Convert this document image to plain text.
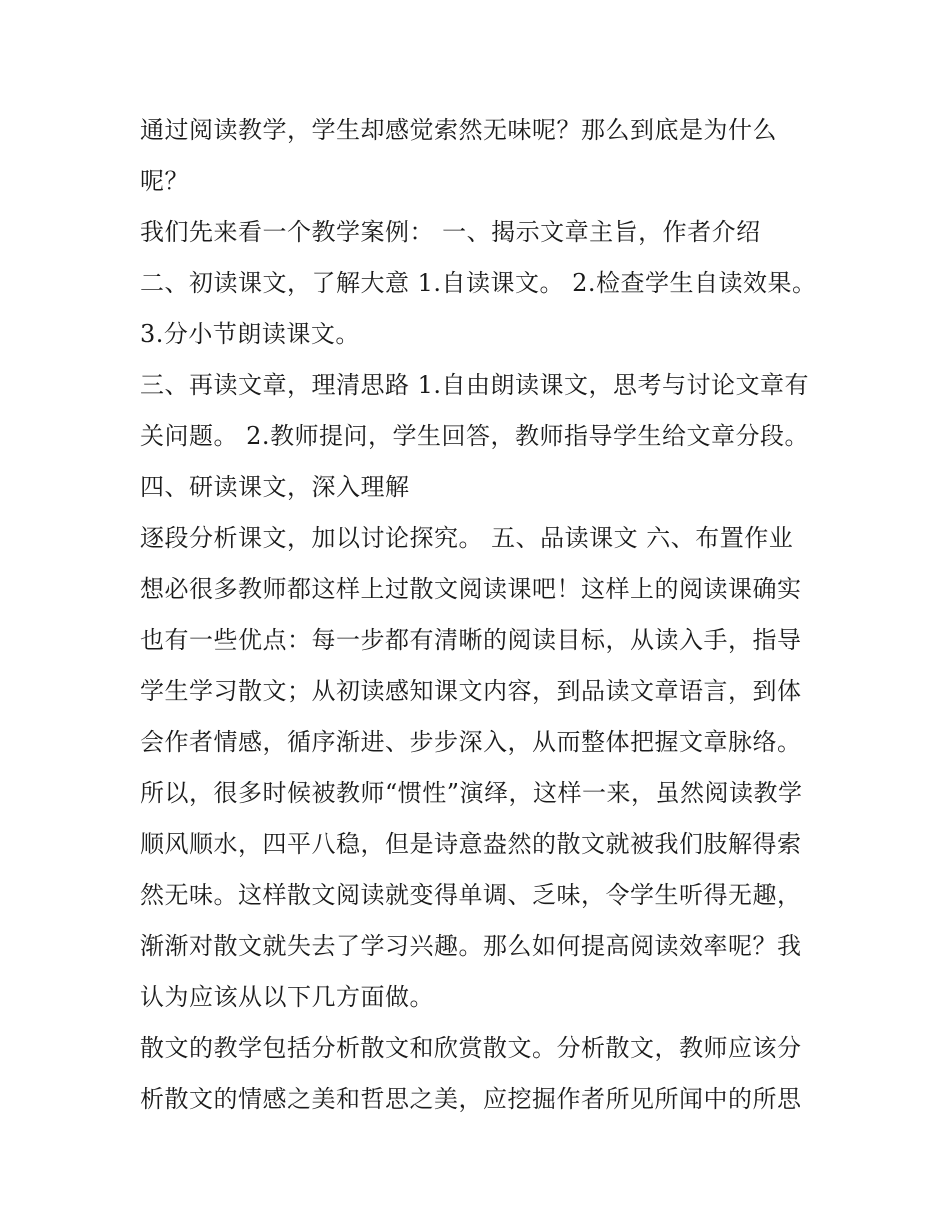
通过阅读教学，学生却感觉索然无味呢？那么到底是为什么
呢？
我们先来看一个教学案例： 一、揭示文章主旨，作者介绍
二、初读课文，了解大意 1.自读课文。 2.检查学生自读效果。
3.分小节朗读课文。
三、再读文章，理清思路 1.自由朗读课文，思考与讨论文章有
关问题。 2.教师提问，学生回答，教师指导学生给文章分段。
四、研读课文，深入理解
逐段分析课文，加以讨论探究。 五、品读课文 六、布置作业
想必很多教师都这样上过散文阅读课吧！这样上的阅读课确实
也有一些优点：每一步都有清晰的阅读目标，从读入手，指导
学生学习散文；从初读感知课文内容，到品读文章语言，到体
会作者情感，循序渐进、步步深入，从而整体把握文章脉络。
所以，很多时候被教师“惯性”演绎，这样一来，虽然阅读教学
顺风顺水，四平八稳，但是诗意盎然的散文就被我们肢解得索
然无味。这样散文阅读就变得单调、乏味，令学生听得无趣，
渐渐对散文就失去了学习兴趣。那么如何提高阅读效率呢？我
认为应该从以下几方面做。
散文的教学包括分析散文和欣赏散文。分析散文，教师应该分
析散文的情感之美和哲思之美，应挖掘作者所见所闻中的所思
